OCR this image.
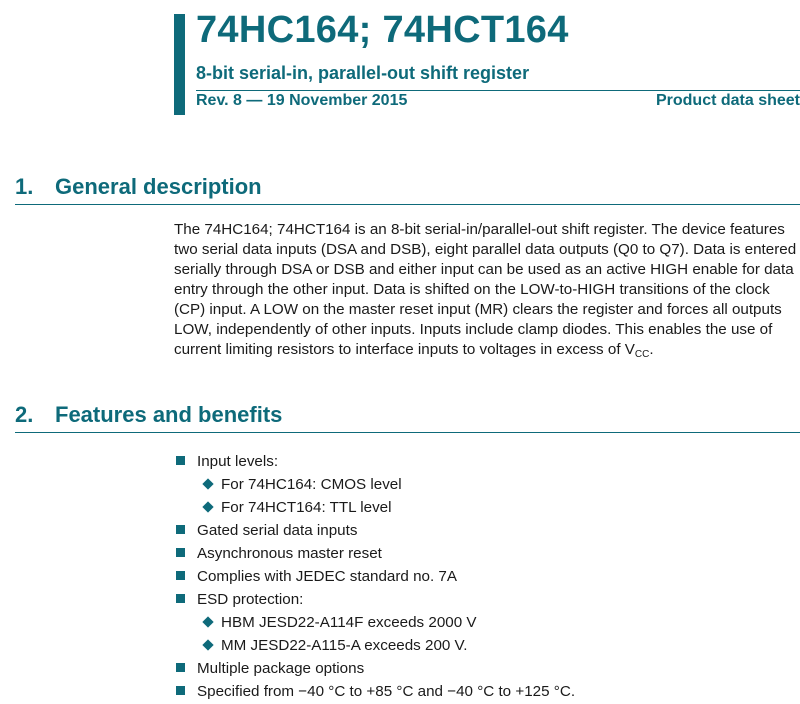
74HC164; 74HCT164
8-bit serial-in, parallel-out shift register
Rev. 8 — 19 November 2015	Product data sheet
1. General description

The 74HC164; 74HCT164 is an 8-bit serial-in/parallel-out shift register. The device features two serial data inputs (DSA and DSB), eight parallel data outputs (Q0 to Q7). Data is entered serially through DSA or DSB and either input can be used as an active HIGH enable for data entry through the other input. Data is shifted on the LOW-to-HIGH transitions of the clock (CP) input. A LOW on the master reset input (MR) clears the register and forces all outputs LOW, independently of other inputs. Inputs include clamp diodes. This enables the use of current limiting resistors to interface inputs to voltages in excess of $V_{CC}$.

2. Features and benefits
Input levels:
For 74HC164: CMOS level
For 74HCT164: TTL level
Gated serial data inputs
Asynchronous master reset
Complies with JEDEC standard no. 7A
ESD protection:
HBM JESD22-A114F exceeds 2000 V
MM JESD22-A115-A exceeds 200 V.
Multiple package options
Specified from −40 °C to +85 °C and −40 °C to +125 °C.
